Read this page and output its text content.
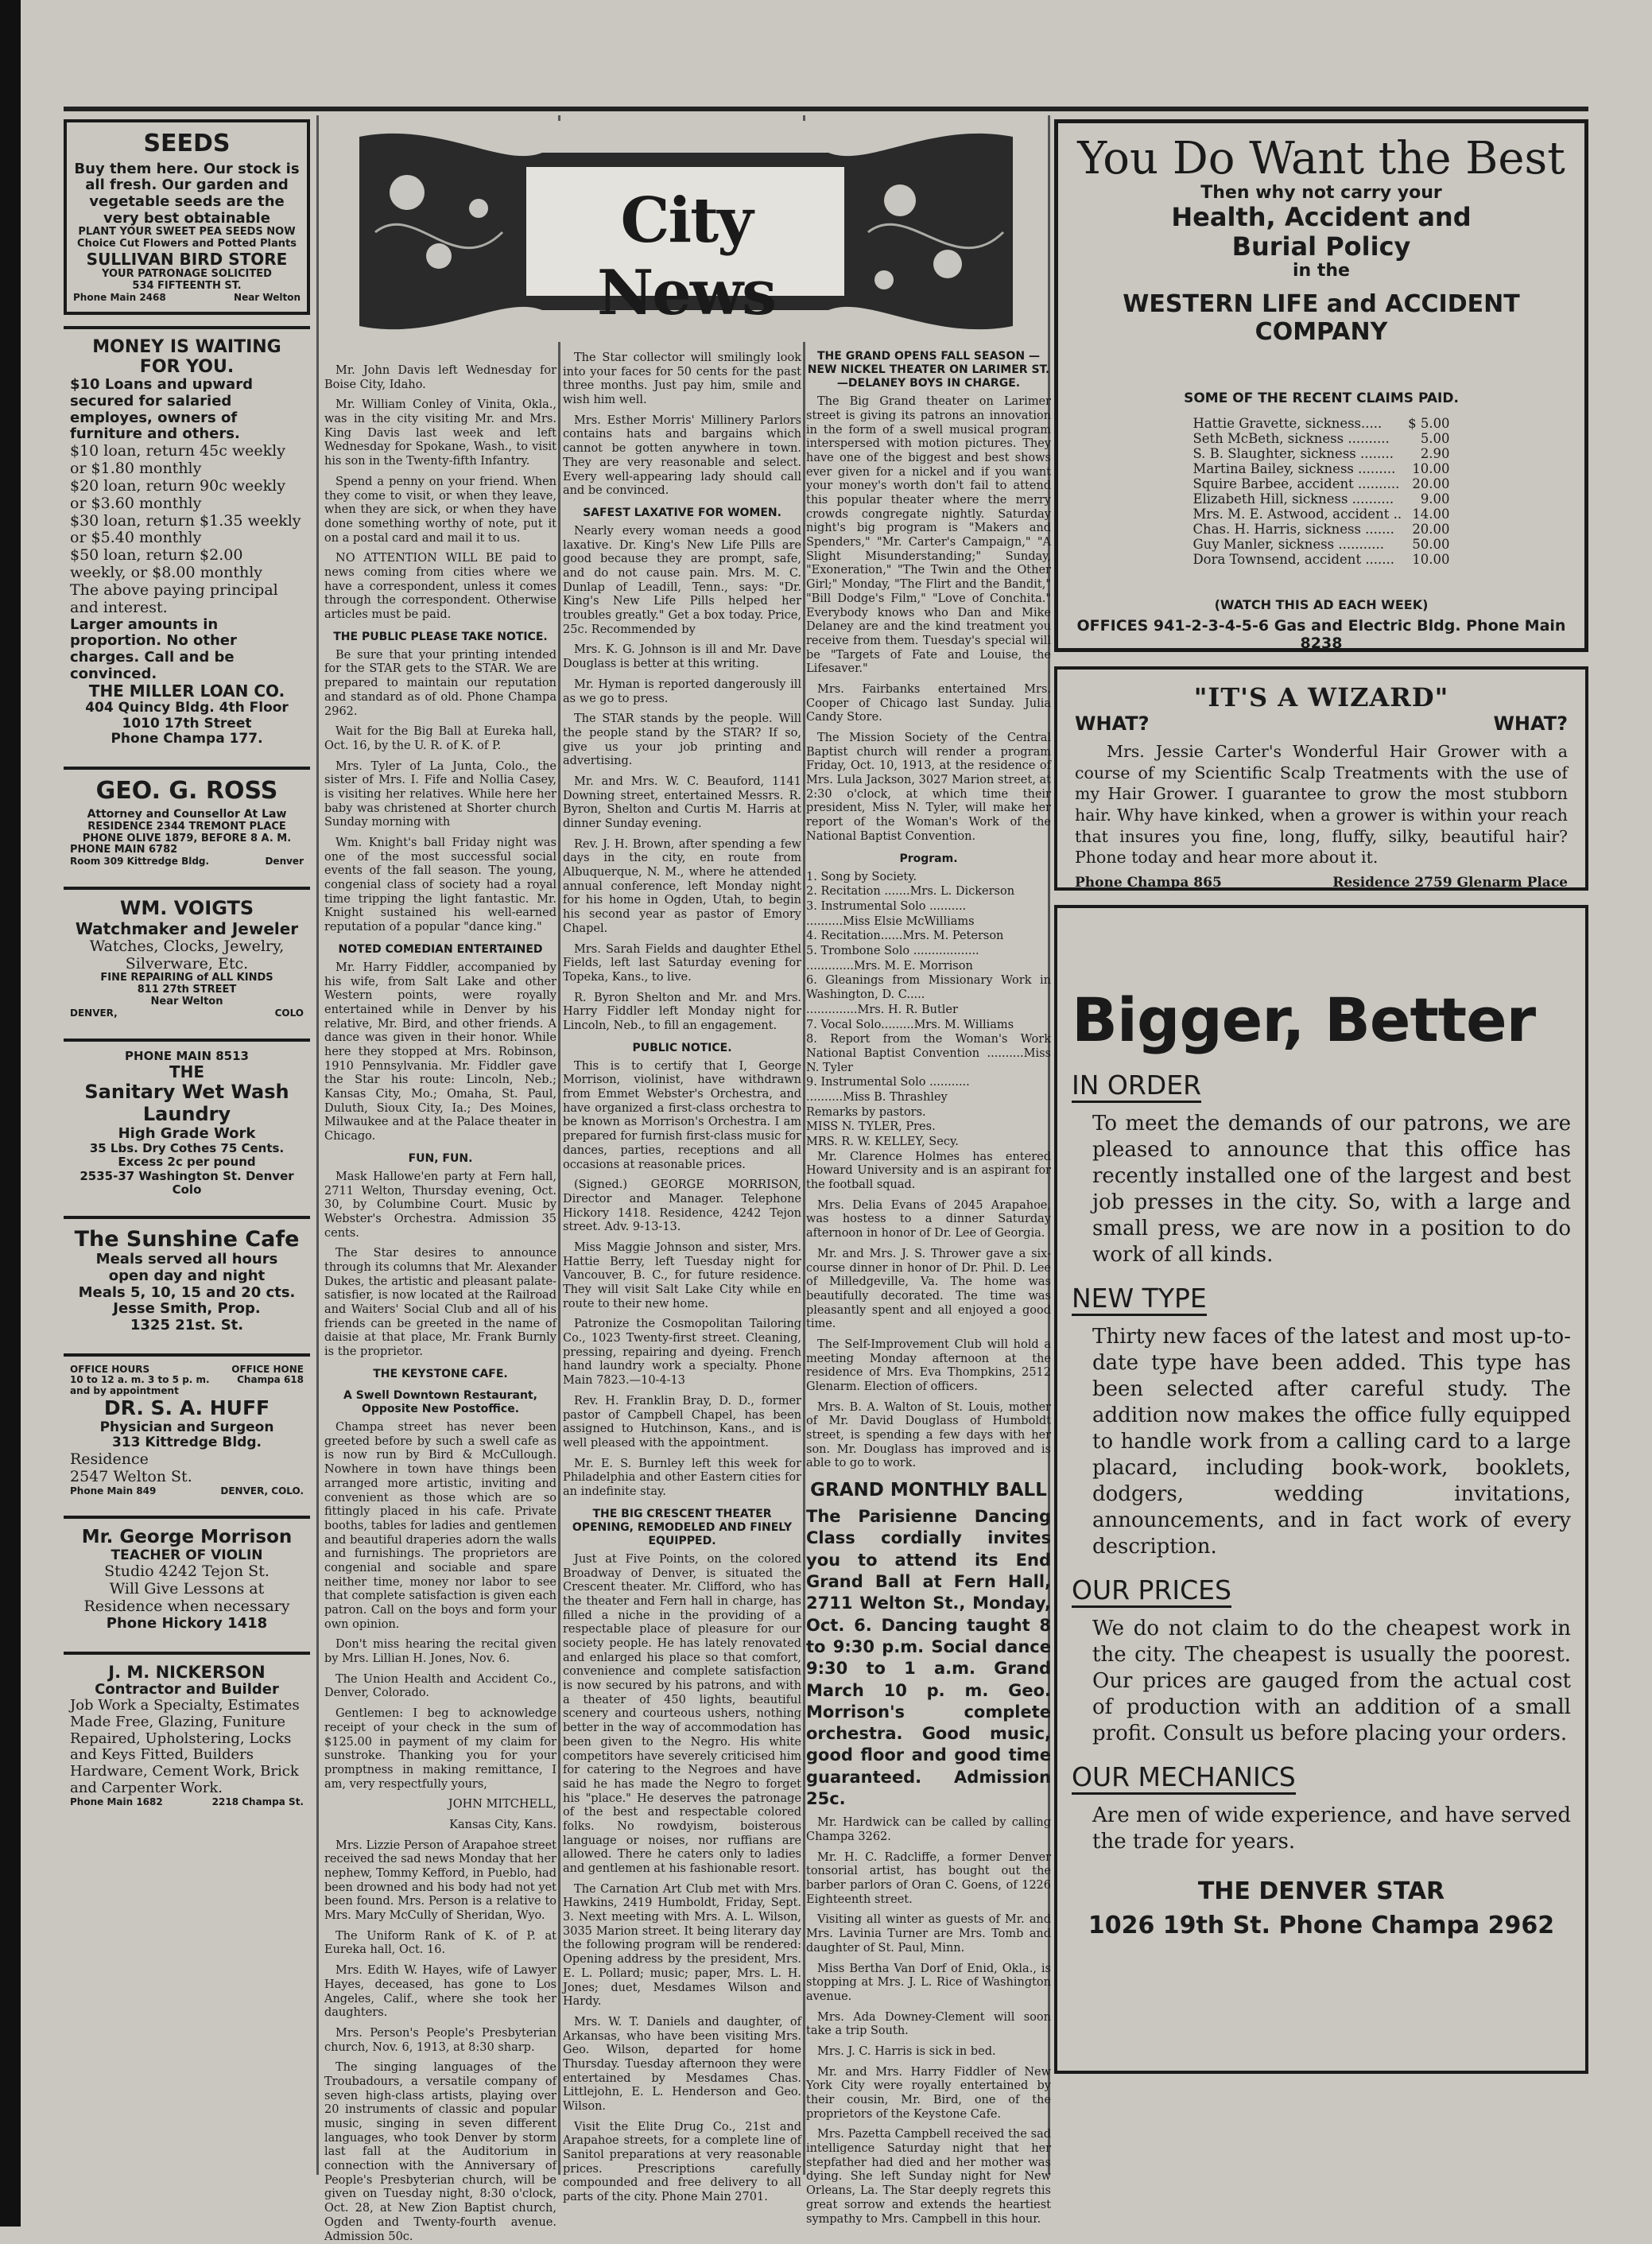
SEEDS
Buy them here. Our stock is all fresh. Our garden and vegetable seeds are the very best obtainable
PLANT YOUR SWEET PEA SEEDS NOW
Choice Cut Flowers and Potted Plants
SULLIVAN BIRD STORE
YOUR PATRONAGE SOLICITED
534 FIFTEENTH ST.
Phone Main 2468	Near Welton
MONEY IS WAITING FOR YOU.
$10 Loans and upward secured for salaried employes, owners of furniture and others.
$10 loan, return 45c weekly or $1.80 monthly
$20 loan, return 90c weekly or $3.60 monthly
$30 loan, return $1.35 weekly or $5.40 monthly
$50 loan, return $2.00 weekly, or $8.00 monthly
The above paying principal and interest.
Larger amounts in proportion. No other charges. Call and be convinced.
THE MILLER LOAN CO.
404 Quincy Bldg. 4th Floor
1010 17th Street
Phone Champa 177.
GEO. G. ROSS
Attorney and Counsellor At Law
RESIDENCE 2344 TREMONT PLACE
PHONE OLIVE 1879, BEFORE 8 A. M.
PHONE MAIN 6782
Room 309 Kittredge Bldg.	Denver
WM. VOIGTS
Watchmaker and Jeweler
Watches, Clocks, Jewelry, Silverware, Etc.
FINE REPAIRING of ALL KINDS
811 27th STREET
Near Welton
DENVER,	COLO
PHONE MAIN 8513
THE
Sanitary Wet Wash Laundry
High Grade Work
35 Lbs. Dry Cothes 75 Cents.
Excess 2c per pound
2535-37 Washington St. Denver Colo
The Sunshine Cafe
Meals served all hours
open day and night
Meals 5, 10, 15 and 20 cts.
Jesse Smith, Prop.
1325 21st. St.
OFFICE HOURS	OFFICE HONE
10 to 12 a. m. 3 to 5 p. m. and by appointment
Champa 618
DR. S. A. HUFF
Physician and Surgeon
313 Kittredge Bldg.
Residence
2547 Welton St.
Phone Main 849	DENVER, COLO.
Mr. George Morrison
TEACHER OF VIOLIN
Studio 4242 Tejon St.
Will Give Lessons at Residence when necessary
Phone Hickory 1418
J. M. NICKERSON
Contractor and Builder
Job Work a Specialty, Estimates Made Free, Glazing, Funiture Repaired, Upholstering, Locks and Keys Fitted, Builders Hardware, Cement Work, Brick and Carpenter Work.
Phone Main 1682	2218 Champa St.
City News

Mr. John Davis left Wednesday for Boise City, Idaho.

Mr. William Conley of Vinita, Okla., was in the city visiting Mr. and Mrs. King Davis last week and left Wednesday for Spokane, Wash., to visit his son in the Twenty-fifth Infantry.

Spend a penny on your friend. When they come to visit, or when they leave, when they are sick, or when they have done something worthy of note, put it on a postal card and mail it to us.

NO ATTENTION WILL BE paid to news coming from cities where we have a correspondent, unless it comes through the correspondent. Otherwise articles must be paid.

THE PUBLIC PLEASE TAKE NOTICE.

Be sure that your printing intended for the STAR gets to the STAR. We are prepared to maintain our reputation and standard as of old. Phone Champa 2962.

Wait for the Big Ball at Eureka hall, Oct. 16, by the U. R. of K. of P.

Mrs. Tyler of La Junta, Colo., the sister of Mrs. I. Fife and Nollia Casey, is visiting her relatives. While here her baby was christened at Shorter church Sunday morning with

Wm. Knight's ball Friday night was one of the most successful social events of the fall season. The young, congenial class of society had a royal time tripping the light fantastic. Mr. Knight sustained his well-earned reputation of a popular "dance king."

NOTED COMEDIAN ENTERTAINED

Mr. Harry Fiddler, accompanied by his wife, from Salt Lake and other Western points, were royally entertained while in Denver by his relative, Mr. Bird, and other friends. A dance was given in their honor. While here they stopped at Mrs. Robinson, 1910 Pennsylvania. Mr. Fiddler gave the Star his route: Lincoln, Neb.; Kansas City, Mo.; Omaha, St. Paul, Duluth, Sioux City, Ia.; Des Moines, Milwaukee and at the Palace theater in Chicago.

FUN, FUN.

Mask Hallowe'en party at Fern hall, 2711 Welton, Thursday evening, Oct. 30, by Columbine Court. Music by Webster's Orchestra. Admission 35 cents.

The Star desires to announce through its columns that Mr. Alexander Dukes, the artistic and pleasant palate-satisfier, is now located at the Railroad and Waiters' Social Club and all of his friends can be greeted in the name of daisie at that place, Mr. Frank Burnly is the proprietor.

THE KEYSTONE CAFE.
A Swell Downtown Restaurant, Opposite New Postoffice.

Champa street has never been greeted before by such a swell cafe as is now run by Bird & McCullough. Nowhere in town have things been arranged more artistic, inviting and convenient as those which are so fittingly placed in his cafe. Private booths, tables for ladies and gentlemen and beautiful draperies adorn the walls and furnishings. The proprietors are congenial and sociable and spare neither time, money nor labor to see that complete satisfaction is given each patron. Call on the boys and form your own opinion.

Don't miss hearing the recital given by Mrs. Lillian H. Jones, Nov. 6.

The Union Health and Accident Co., Denver, Colorado.

Gentlemen: I beg to acknowledge receipt of your check in the sum of $125.00 in payment of my claim for sunstroke. Thanking you for your promptness in making remittance, I am, very respectfully yours,

JOHN MITCHELL,
Kansas City, Kans.

Mrs. Lizzie Person of Arapahoe street received the sad news Monday that her nephew, Tommy Kefford, in Pueblo, had been drowned and his body had not yet been found. Mrs. Person is a relative to Mrs. Mary McCully of Sheridan, Wyo.

The Uniform Rank of K. of P. at Eureka hall, Oct. 16.

Mrs. Edith W. Hayes, wife of Lawyer Hayes, deceased, has gone to Los Angeles, Calif., where she took her daughters.

Mrs. Person's People's Presbyterian church, Nov. 6, 1913, at 8:30 sharp.

The singing languages of the Troubadours, a versatile company of seven high-class artists, playing over 20 instruments of classic and popular music, singing in seven different languages, who took Denver by storm last fall at the Auditorium in connection with the Anniversary of People's Presbyterian church, will be given on Tuesday night, 8:30 o'clock, Oct. 28, at New Zion Baptist church, Ogden and Twenty-fourth avenue. Admission 50c.

The Star collector will smilingly look into your faces for 50 cents for the past three months. Just pay him, smile and wish him well.

Mrs. Esther Morris' Millinery Parlors contains hats and bargains which cannot be gotten anywhere in town. They are very reasonable and select. Every well-appearing lady should call and be convinced.

SAFEST LAXATIVE FOR WOMEN.

Nearly every woman needs a good laxative. Dr. King's New Life Pills are good because they are prompt, safe, and do not cause pain. Mrs. M. C. Dunlap of Leadill, Tenn., says: "Dr. King's New Life Pills helped her troubles greatly." Get a box today. Price, 25c. Recommended by

Mrs. K. G. Johnson is ill and Mr. Dave Douglass is better at this writing.

Mr. Hyman is reported dangerously ill as we go to press.

The STAR stands by the people. Will the people stand by the STAR? If so, give us your job printing and advertising.

Mr. and Mrs. W. C. Beauford, 1141 Downing street, entertained Messrs. R. Byron, Shelton and Curtis M. Harris at dinner Sunday evening.

Rev. J. H. Brown, after spending a few days in the city, en route from Albuquerque, N. M., where he attended annual conference, left Monday night for his home in Ogden, Utah, to begin his second year as pastor of Emory Chapel.

Mrs. Sarah Fields and daughter Ethel Fields, left last Saturday evening for Topeka, Kans., to live.

R. Byron Shelton and Mr. and Mrs. Harry Fiddler left Monday night for Lincoln, Neb., to fill an engagement.

PUBLIC NOTICE.

This is to certify that I, George Morrison, violinist, have withdrawn from Emmet Webster's Orchestra, and have organized a first-class orchestra to be known as Morrison's Orchestra. I am prepared for furnish first-class music for dances, parties, receptions and all occasions at reasonable prices.

(Signed.) GEORGE MORRISON, Director and Manager. Telephone Hickory 1418. Residence, 4242 Tejon street. Adv. 9-13-13.

Miss Maggie Johnson and sister, Mrs. Hattie Berry, left Tuesday night for Vancouver, B. C., for future residence. They will visit Salt Lake City while en route to their new home.

Patronize the Cosmopolitan Tailoring Co., 1023 Twenty-first street. Cleaning, pressing, repairing and dyeing. French hand laundry work a specialty. Phone Main 7823.—10-4-13

Rev. H. Franklin Bray, D. D., former pastor of Campbell Chapel, has been assigned to Hutchinson, Kans., and is well pleased with the appointment.

Mr. E. S. Burnley left this week for Philadelphia and other Eastern cities for an indefinite stay.

THE BIG CRESCENT THEATER OPENING, REMODELED AND FINELY EQUIPPED.

Just at Five Points, on the colored Broadway of Denver, is situated the Crescent theater. Mr. Clifford, who has the theater and Fern hall in charge, has filled a niche in the providing of a respectable place of pleasure for our society people. He has lately renovated and enlarged his place so that comfort, convenience and complete satisfaction is now secured by his patrons, and with a theater of 450 lights, beautiful scenery and courteous ushers, nothing better in the way of accommodation has been given to the Negro. His white competitors have severely criticised him for catering to the Negroes and have said he has made the Negro to forget his "place." He deserves the patronage of the best and respectable colored folks. No rowdyism, boisterous language or noises, nor ruffians are allowed. There he caters only to ladies and gentlemen at his fashionable resort.

The Carnation Art Club met with Mrs. Hawkins, 2419 Humboldt, Friday, Sept. 3. Next meeting with Mrs. A. L. Wilson, 3035 Marion street. It being literary day the following program will be rendered: Opening address by the president, Mrs. E. L. Pollard; music; paper, Mrs. L. H. Jones; duet, Mesdames Wilson and Hardy.

Mrs. W. T. Daniels and daughter, of Arkansas, who have been visiting Mrs. Geo. Wilson, departed for home Thursday. Tuesday afternoon they were entertained by Mesdames Chas. Littlejohn, E. L. Henderson and Geo. Wilson.

Visit the Elite Drug Co., 21st and Arapahoe streets, for a complete line of Sanitol preparations at very reasonable prices. Prescriptions carefully compounded and free delivery to all parts of the city. Phone Main 2701.

THE GRAND OPENS FALL SEASON —NEW NICKEL THEATER ON LARIMER ST.—DELANEY BOYS IN CHARGE.

The Big Grand theater on Larimer street is giving its patrons an innovation in the form of a swell musical program interspersed with motion pictures. They have one of the biggest and best shows ever given for a nickel and if you want your money's worth don't fail to attend this popular theater where the merry crowds congregate nightly. Saturday night's big program is "Makers and Spenders," "Mr. Carter's Campaign," "A Slight Misunderstanding;" Sunday, "Exoneration," "The Twin and the Other Girl;" Monday, "The Flirt and the Bandit," "Bill Dodge's Film," "Love of Conchita." Everybody knows who Dan and Mike Delaney are and the kind treatment you receive from them. Tuesday's special will be "Targets of Fate and Louise, the Lifesaver."

Mrs. Fairbanks entertained Mrs. Cooper of Chicago last Sunday. Julia Candy Store.

The Mission Society of the Central Baptist church will render a program Friday, Oct. 10, 1913, at the residence of Mrs. Lula Jackson, 3027 Marion street, at 2:30 o'clock, at which time their president, Miss N. Tyler, will make her report of the Woman's Work of the National Baptist Convention.

Program.
1. Song by Society.
2. Recitation .......Mrs. L. Dickerson
3. Instrumental Solo ..........
..........Miss Elsie McWilliams
4. Recitation......Mrs. M. Peterson
5. Trombone Solo ..................
.............Mrs. M. E. Morrison
6. Gleanings from Missionary Work in Washington, D. C.....
..............Mrs. H. R. Butler
7. Vocal Solo.........Mrs. M. Williams
8. Report from the Woman's Work National Baptist Convention ..........Miss N. Tyler
9. Instrumental Solo ...........
..........Miss B. Thrashley
Remarks by pastors.
MISS N. TYLER, Pres.
MRS. R. W. KELLEY, Secy.

Mr. Clarence Holmes has entered Howard University and is an aspirant for the football squad.

Mrs. Delia Evans of 2045 Arapahoe, was hostess to a dinner Saturday afternoon in honor of Dr. Lee of Georgia.

Mr. and Mrs. J. S. Thrower gave a six-course dinner in honor of Dr. Phil. D. Lee of Milledgeville, Va. The home was beautifully decorated. The time was pleasantly spent and all enjoyed a good time.

The Self-Improvement Club will hold a meeting Monday afternoon at the residence of Mrs. Eva Thompkins, 2512 Glenarm. Election of officers.

Mrs. B. A. Walton of St. Louis, mother of Mr. David Douglass of Humboldt street, is spending a few days with her son. Mr. Douglass has improved and is able to go to work.

GRAND MONTHLY BALL

The Parisienne Dancing Class cordially invites you to attend its End Grand Ball at Fern Hall, 2711 Welton St., Monday, Oct. 6. Dancing taught 8 to 9:30 p.m. Social dance 9:30 to 1 a.m. Grand March 10 p. m. Geo. Morrison's complete orchestra. Good music, good floor and good time guaranteed. Admission 25c.

Mr. Hardwick can be called by calling Champa 3262.

Mr. H. C. Radcliffe, a former Denver tonsorial artist, has bought out the barber parlors of Oran C. Goens, of 1226 Eighteenth street.

Visiting all winter as guests of Mr. and Mrs. Lavinia Turner are Mrs. Tomb and daughter of St. Paul, Minn.

Miss Bertha Van Dorf of Enid, Okla., is stopping at Mrs. J. L. Rice of Washington avenue.

Mrs. Ada Downey-Clement will soon take a trip South.

Mrs. J. C. Harris is sick in bed.

Mr. and Mrs. Harry Fiddler of New York City were royally entertained by their cousin, Mr. Bird, one of the proprietors of the Keystone Cafe.

Mrs. Pazetta Campbell received the sad intelligence Saturday night that her stepfather had died and her mother was dying. She left Sunday night for New Orleans, La. The Star deeply regrets this great sorrow and extends the heartiest sympathy to Mrs. Campbell in this hour.

You Do Want the Best
Then why not carry your
Health, Accident and
Burial Policy
in the
WESTERN LIFE and ACCIDENT COMPANY
SOME OF THE RECENT CLAIMS PAID.
Hattie Gravette, sickness.....	$ 5.00
Seth McBeth, sickness ..........	5.00
S. B. Slaughter, sickness ........	2.90
Martina Bailey, sickness .........	10.00
Squire Barbee, accident ..........	20.00
Elizabeth Hill, sickness ..........	9.00
Mrs. M. E. Astwood, accident ..	14.00
Chas. H. Harris, sickness .......	20.00
Guy Manler, sickness ...........	50.00
Dora Townsend, accident .......	10.00
(WATCH THIS AD EACH WEEK)
OFFICES 941-2-3-4-5-6 Gas and Electric Bldg. Phone Main 8238
"IT'S A WIZARD"
WHAT?	WHAT?
Mrs. Jessie Carter's Wonderful Hair Grower with a course of my Scientific Scalp Treatments with the use of my Hair Grower. I guarantee to grow the most stubborn hair. Why have kinked, when a grower is within your reach that insures you fine, long, fluffy, silky, beautiful hair? Phone today and hear more about it.
Phone Champa 865	Residence 2759 Glenarm Place
Bigger, Better
IN ORDER
To meet the demands of our patrons, we are pleased to announce that this office has recently installed one of the largest and best job presses in the city. So, with a large and small press, we are now in a position to do work of all kinds.
NEW TYPE
Thirty new faces of the latest and most up-to-date type have been added. This type has been selected after careful study. The addition now makes the office fully equipped to handle work from a calling card to a large placard, including book-work, booklets, dodgers, wedding invitations, announcements, and in fact work of every description.
OUR PRICES
We do not claim to do the cheapest work in the city. The cheapest is usually the poorest. Our prices are gauged from the actual cost of production with an addition of a small profit. Consult us before placing your orders.
OUR MECHANICS
Are men of wide experience, and have served the trade for years.
THE DENVER STAR
1026 19th St. Phone Champa 2962
